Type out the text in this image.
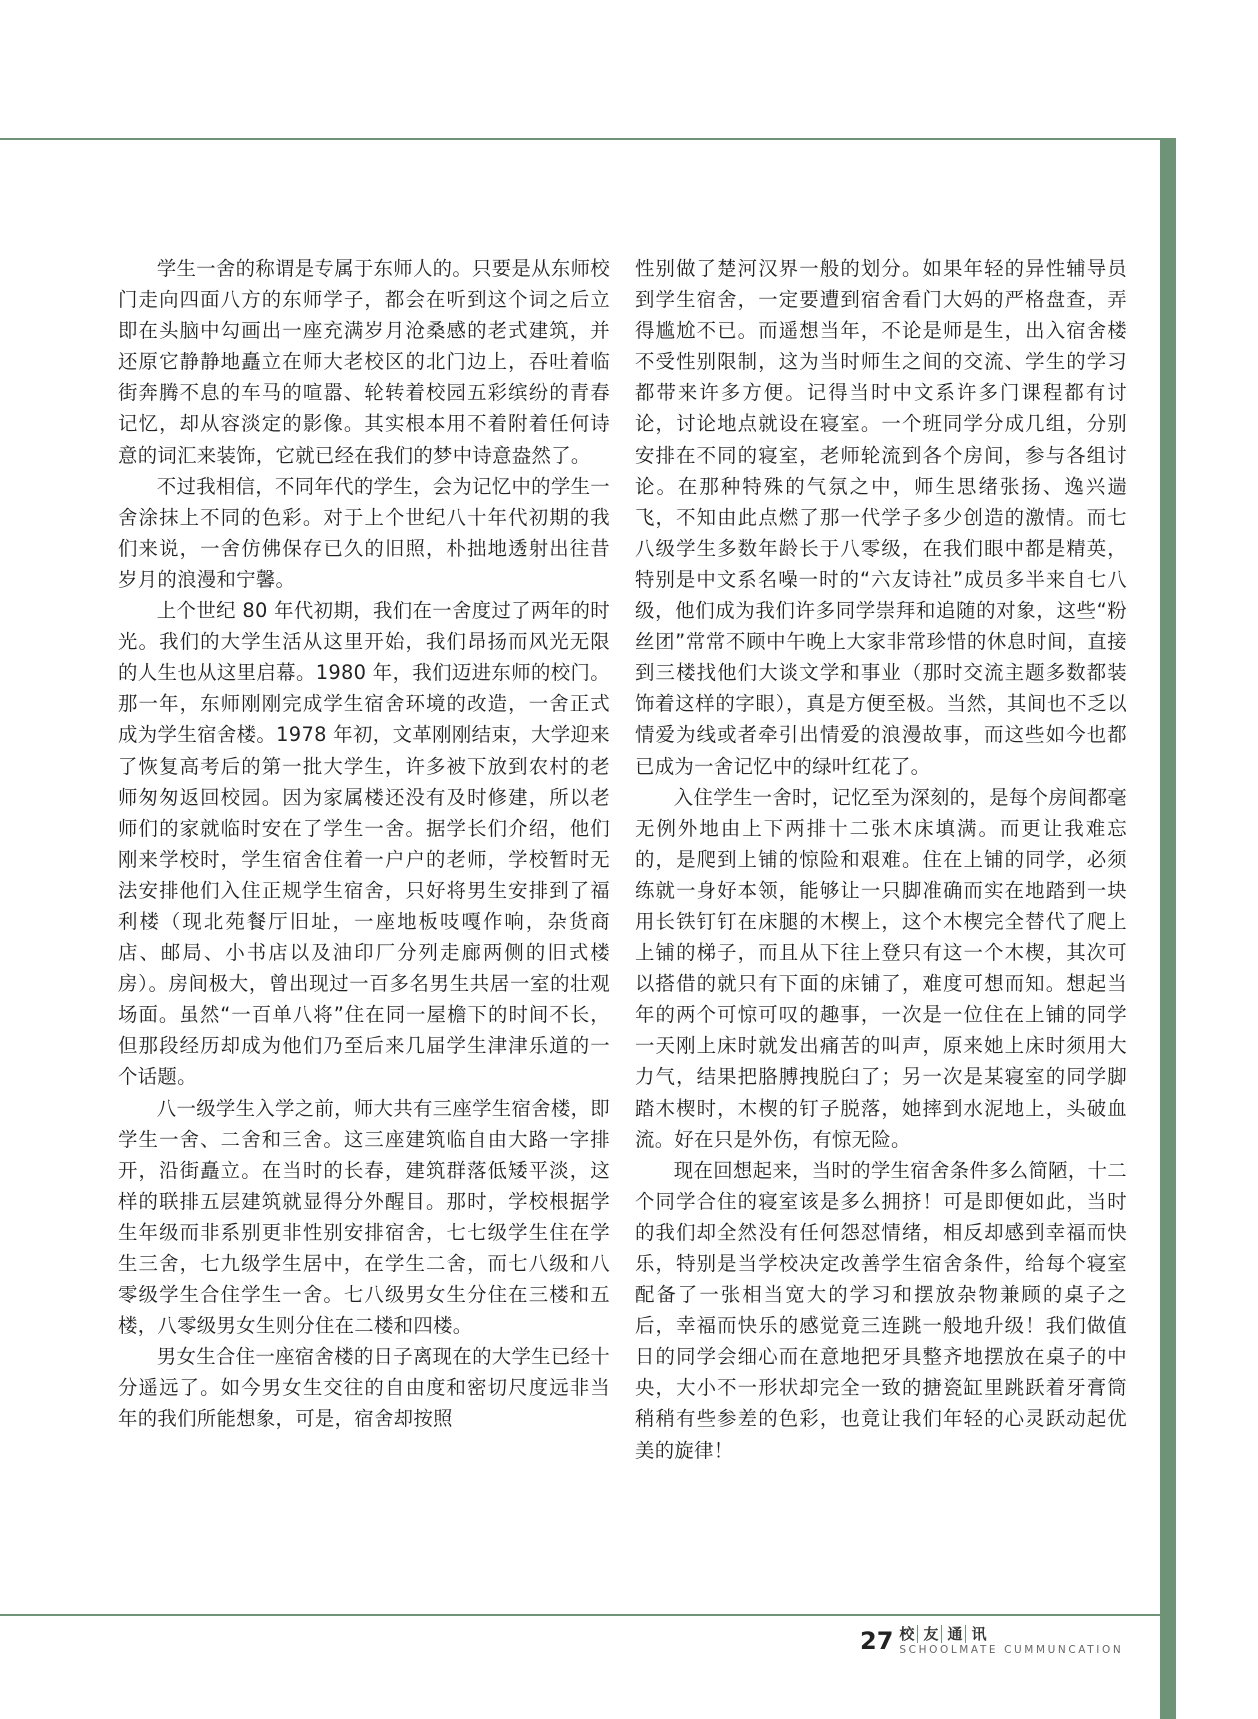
学生一舍的称谓是专属于东师人的。只要是从东师校门走向四面八方的东师学子，都会在听到这个词之后立即在头脑中勾画出一座充满岁月沧桑感的老式建筑，并还原它静静地矗立在师大老校区的北门边上，吞吐着临街奔腾不息的车马的喧嚣、轮转着校园五彩缤纷的青春记忆，却从容淡定的影像。其实根本用不着附着任何诗意的词汇来装饰，它就已经在我们的梦中诗意盎然了。

不过我相信，不同年代的学生，会为记忆中的学生一舍涂抹上不同的色彩。对于上个世纪八十年代初期的我们来说，一舍仿佛保存已久的旧照，朴拙地透射出往昔岁月的浪漫和宁馨。

上个世纪 80 年代初期，我们在一舍度过了两年的时光。我们的大学生活从这里开始，我们昂扬而风光无限的人生也从这里启幕。1980 年，我们迈进东师的校门。那一年，东师刚刚完成学生宿舍环境的改造，一舍正式成为学生宿舍楼。1978 年初，文革刚刚结束，大学迎来了恢复高考后的第一批大学生，许多被下放到农村的老师匆匆返回校园。因为家属楼还没有及时修建，所以老师们的家就临时安在了学生一舍。据学长们介绍，他们刚来学校时，学生宿舍住着一户户的老师，学校暂时无法安排他们入住正规学生宿舍，只好将男生安排到了福利楼（现北苑餐厅旧址，一座地板吱嘎作响，杂货商店、邮局、小书店以及油印厂分列走廊两侧的旧式楼房）。房间极大，曾出现过一百多名男生共居一室的壮观场面。虽然“一百单八将”住在同一屋檐下的时间不长，但那段经历却成为他们乃至后来几届学生津津乐道的一个话题。

八一级学生入学之前，师大共有三座学生宿舍楼，即学生一舍、二舍和三舍。这三座建筑临自由大路一字排开，沿街矗立。在当时的长春，建筑群落低矮平淡，这样的联排五层建筑就显得分外醒目。那时，学校根据学生年级而非系别更非性别安排宿舍，七七级学生住在学生三舍，七九级学生居中，在学生二舍，而七八级和八零级学生合住学生一舍。七八级男女生分住在三楼和五楼，八零级男女生则分住在二楼和四楼。

男女生合住一座宿舍楼的日子离现在的大学生已经十分遥远了。如今男女生交往的自由度和密切尺度远非当年的我们所能想象，可是，宿舍却按照

性别做了楚河汉界一般的划分。如果年轻的异性辅导员到学生宿舍，一定要遭到宿舍看门大妈的严格盘查，弄得尴尬不已。而遥想当年，不论是师是生，出入宿舍楼不受性别限制，这为当时师生之间的交流、学生的学习都带来许多方便。记得当时中文系许多门课程都有讨论，讨论地点就设在寝室。一个班同学分成几组，分别安排在不同的寝室，老师轮流到各个房间，参与各组讨论。在那种特殊的气氛之中，师生思绪张扬、逸兴遄飞，不知由此点燃了那一代学子多少创造的激情。而七八级学生多数年龄长于八零级，在我们眼中都是精英，特别是中文系名噪一时的“六友诗社”成员多半来自七八级，他们成为我们许多同学崇拜和追随的对象，这些“粉丝团”常常不顾中午晚上大家非常珍惜的休息时间，直接到三楼找他们大谈文学和事业（那时交流主题多数都装饰着这样的字眼），真是方便至极。当然，其间也不乏以情爱为线或者牵引出情爱的浪漫故事，而这些如今也都已成为一舍记忆中的绿叶红花了。

入住学生一舍时，记忆至为深刻的，是每个房间都毫无例外地由上下两排十二张木床填满。而更让我难忘的，是爬到上铺的惊险和艰难。住在上铺的同学，必须练就一身好本领，能够让一只脚准确而实在地踏到一块用长铁钉钉在床腿的木楔上，这个木楔完全替代了爬上上铺的梯子，而且从下往上登只有这一个木楔，其次可以搭借的就只有下面的床铺了，难度可想而知。想起当年的两个可惊可叹的趣事，一次是一位住在上铺的同学一天刚上床时就发出痛苦的叫声，原来她上床时须用大力气，结果把胳膊拽脱臼了；另一次是某寝室的同学脚踏木楔时，木楔的钉子脱落，她摔到水泥地上，头破血流。好在只是外伤，有惊无险。

现在回想起来，当时的学生宿舍条件多么简陋，十二个同学合住的寝室该是多么拥挤！可是即便如此，当时的我们却全然没有任何怨怼情绪，相反却感到幸福而快乐，特别是当学校决定改善学生宿舍条件，给每个寝室配备了一张相当宽大的学习和摆放杂物兼顾的桌子之后，幸福而快乐的感觉竟三连跳一般地升级！我们做值日的同学会细心而在意地把牙具整齐地摆放在桌子的中央，大小不一形状却完全一致的搪瓷缸里跳跃着牙膏筒稍稍有些参差的色彩，也竟让我们年轻的心灵跃动起优美的旋律！

27 校 友 通 讯
SCHOOLMATE CUMMUNCATION
